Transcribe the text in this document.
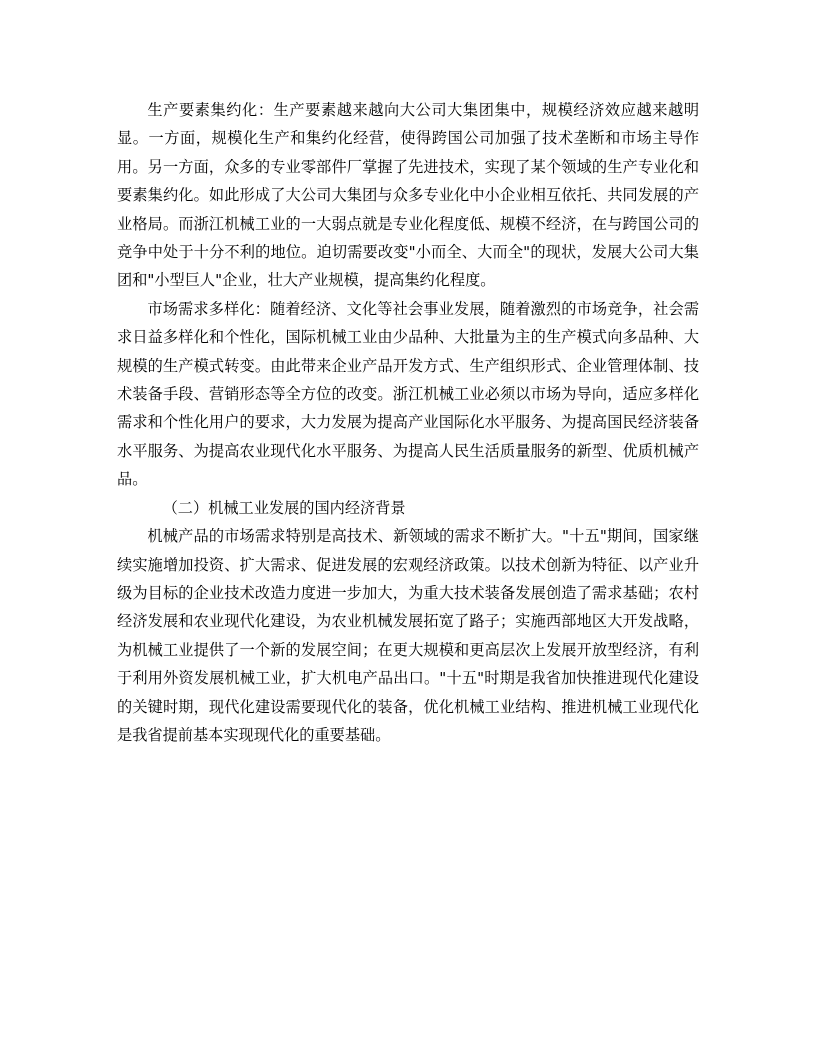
生产要素集约化：生产要素越来越向大公司大集团集中，规模经济效应越来越明显。一方面，规模化生产和集约化经营，使得跨国公司加强了技术垄断和市场主导作用。另一方面，众多的专业零部件厂掌握了先进技术，实现了某个领域的生产专业化和要素集约化。如此形成了大公司大集团与众多专业化中小企业相互依托、共同发展的产业格局。而浙江机械工业的一大弱点就是专业化程度低、规模不经济，在与跨国公司的竞争中处于十分不利的地位。迫切需要改变"小而全、大而全"的现状，发展大公司大集团和"小型巨人"企业，壮大产业规模，提高集约化程度。

市场需求多样化：随着经济、文化等社会事业发展，随着激烈的市场竞争，社会需求日益多样化和个性化，国际机械工业由少品种、大批量为主的生产模式向多品种、大规模的生产模式转变。由此带来企业产品开发方式、生产组织形式、企业管理体制、技术装备手段、营销形态等全方位的改变。浙江机械工业必须以市场为导向，适应多样化需求和个性化用户的要求，大力发展为提高产业国际化水平服务、为提高国民经济装备水平服务、为提高农业现代化水平服务、为提高人民生活质量服务的新型、优质机械产品。

（二）机械工业发展的国内经济背景

机械产品的市场需求特别是高技术、新领域的需求不断扩大。"十五"期间，国家继续实施增加投资、扩大需求、促进发展的宏观经济政策。以技术创新为特征、以产业升级为目标的企业技术改造力度进一步加大，为重大技术装备发展创造了需求基础；农村经济发展和农业现代化建设，为农业机械发展拓宽了路子；实施西部地区大开发战略，为机械工业提供了一个新的发展空间；在更大规模和更高层次上发展开放型经济，有利于利用外资发展机械工业，扩大机电产品出口。"十五"时期是我省加快推进现代化建设的关键时期，现代化建设需要现代化的装备，优化机械工业结构、推进机械工业现代化是我省提前基本实现现代化的重要基础。
